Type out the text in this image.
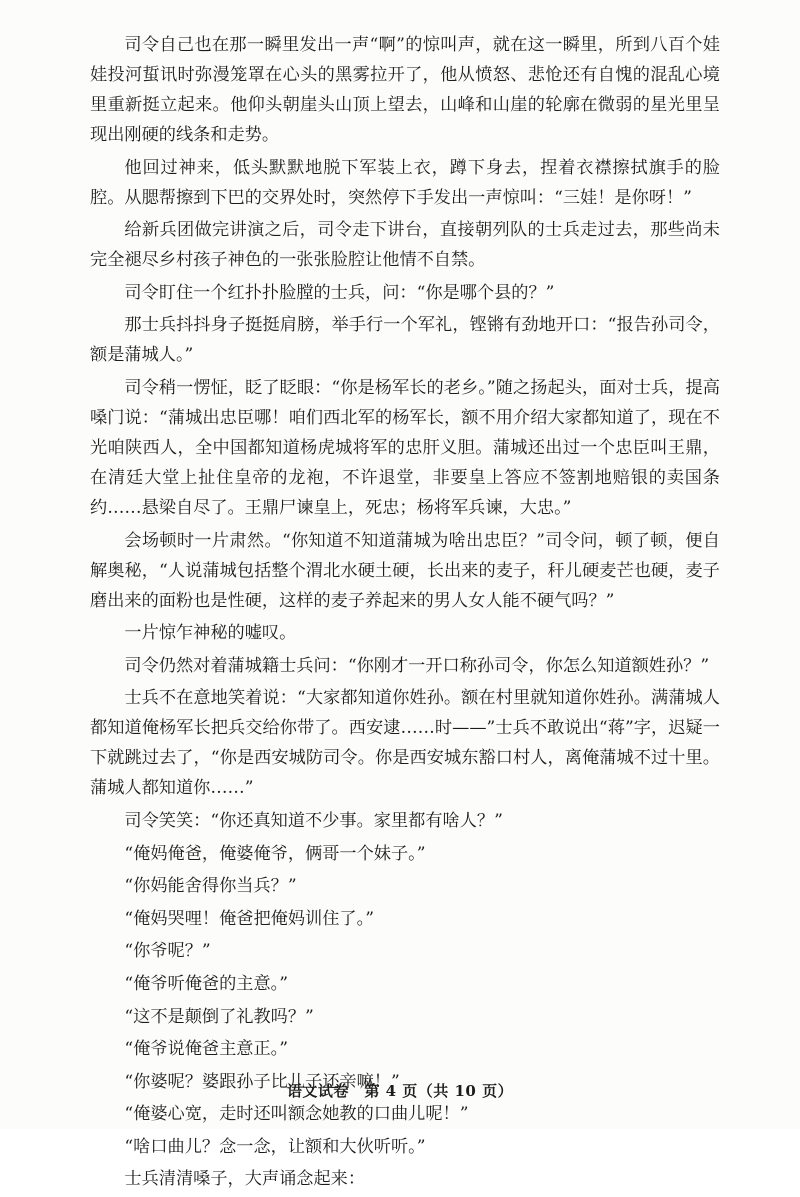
司令自己也在那一瞬里发出一声“啊”的惊叫声，就在这一瞬里，所到八百个娃娃投河蜇讯时弥漫笼罩在心头的黑雾拉开了，他从愤怒、悲怆还有自愧的混乱心境里重新挺立起来。他仰头朝崖头山顶上望去，山峰和山崖的轮廓在微弱的星光里呈现出刚硬的线条和走势。

他回过神来，低头默默地脱下军装上衣，蹲下身去，捏着衣襟擦拭旗手的脸腔。从腮帮擦到下巴的交界处时，突然停下手发出一声惊叫：“三娃！是你呀！”

给新兵团做完讲演之后，司令走下讲台，直接朝列队的士兵走过去，那些尚未完全褪尽乡村孩子神色的一张张脸腔让他情不自禁。

司令盯住一个红扑扑脸膛的士兵，问：“你是哪个县的？”

那士兵抖抖身子挺挺肩膀，举手行一个军礼，铿锵有劲地开口：“报告孙司令，额是蒲城人。”

司令稍一愣怔，眨了眨眼：“你是杨军长的老乡。”随之扬起头，面对士兵，提高嗓门说：“蒲城出忠臣哪！咱们西北军的杨军长，额不用介绍大家都知道了，现在不光咱陕西人，全中国都知道杨虎城将军的忠肝义胆。蒲城还出过一个忠臣叫王鼎，在清廷大堂上扯住皇帝的龙袍，不许退堂，非要皇上答应不签割地赔银的卖国条约……悬梁自尽了。王鼎尸谏皇上，死忠；杨将军兵谏，大忠。”

会场顿时一片肃然。“你知道不知道蒲城为啥出忠臣？”司令问，顿了顿，便自解奥秘，“人说蒲城包括整个渭北水硬土硬，长出来的麦子，秆儿硬麦芒也硬，麦子磨出来的面粉也是性硬，这样的麦子养起来的男人女人能不硬气吗？”

一片惊乍神秘的嘘叹。

司令仍然对着蒲城籍士兵问：“你刚才一开口称孙司令，你怎么知道额姓孙？”

士兵不在意地笑着说：“大家都知道你姓孙。额在村里就知道你姓孙。满蒲城人都知道俺杨军长把兵交给你带了。西安逮……时——”士兵不敢说出“蒋”字，迟疑一下就跳过去了，“你是西安城防司令。你是西安城东豁口村人，离俺蒲城不过十里。蒲城人都知道你……”

司令笑笑：“你还真知道不少事。家里都有啥人？”

“俺妈俺爸，俺婆俺爷，俩哥一个妹子。”

“你妈能舍得你当兵？”

“俺妈哭哩！俺爸把俺妈训住了。”

“你爷呢？”

“俺爷听俺爸的主意。”

“这不是颠倒了礼教吗？”

“俺爷说俺爸主意正。”

“你婆呢？婆跟孙子比儿子还亲嘛！”

“俺婆心宽，走时还叫额念她教的口曲儿呢！”

“啥口曲儿？念一念，让额和大伙听听。”

士兵清清嗓子，大声诵念起来：

语文试卷　第 4 页（共 10 页）
